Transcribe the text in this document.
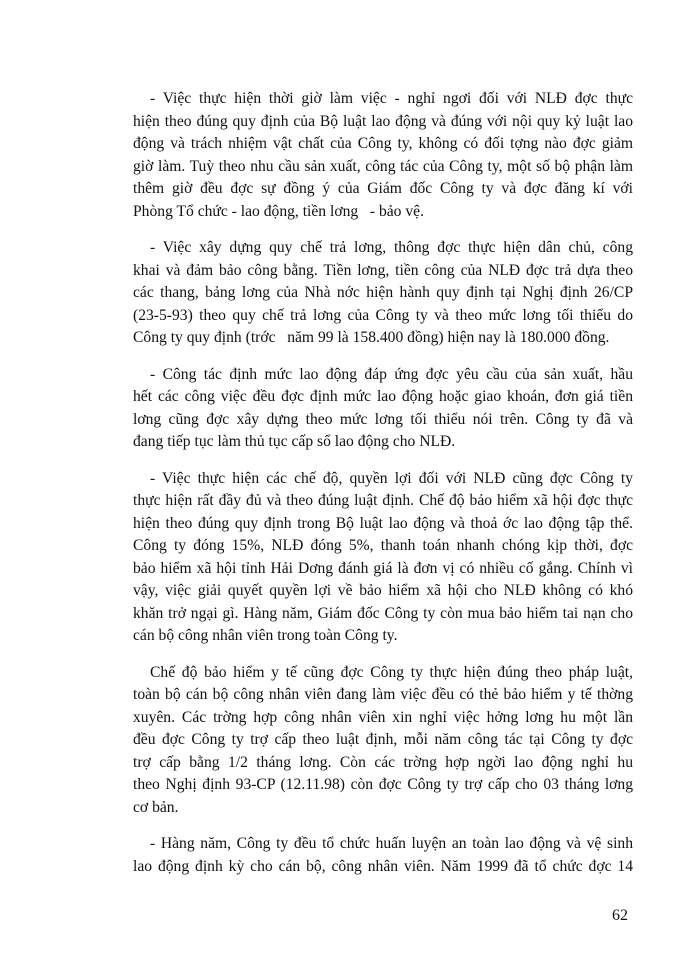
- Việc thực hiện thời giờ làm việc - nghỉ ngơi đối với NLĐ đợc thực
hiện theo đúng quy định của Bộ luật lao động và đúng với nội quy kỷ luật lao
động và trách nhiệm vật chất của Công ty, không có đối tợng nào đợc giảm
giờ làm. Tuỳ theo nhu cầu sản xuất, công tác của Công ty, một số bộ phận làm
thêm giờ đều đợc sự đồng ý của Giám đốc Công ty và đợc đăng kí với
Phòng Tổ chức - lao động, tiền lơng   - bảo vệ.
- Việc xây dựng quy chế trả lơng, thông đợc thực hiện dân chủ, công
khai và đảm bảo công bằng. Tiền lơng, tiền công của NLĐ đợc trả dựa theo
các thang, bảng lơng của Nhà nớc hiện hành quy định tại Nghị định 26/CP
(23-5-93) theo quy chế trả lơng của Công ty và theo mức lơng tối thiểu do
Công ty quy định (trớc   năm 99 là 158.400 đồng) hiện nay là 180.000 đồng.
- Công tác định mức lao động đáp ứng đợc yêu cầu của sản xuất, hầu
hết các công việc đều đợc định mức lao động hoặc giao khoán, đơn giá tiền
lơng cũng đợc xây dựng theo mức lơng tối thiểu nói trên. Công ty đã và
đang tiếp tục làm thủ tục cấp sổ lao động cho NLĐ.
- Việc thực hiện các chế độ, quyền lợi đối với NLĐ cũng đợc Công ty
thực hiện rất đầy đủ và theo đúng luật định. Chế độ bảo hiểm xã hội đợc thực
hiện theo đúng quy định trong Bộ luật lao động và thoả ớc lao động tập thể.
Công ty đóng 15%, NLĐ đóng 5%, thanh toán nhanh chóng kịp thời, đợc
bảo hiểm xã hội tỉnh Hải Dơng đánh giá là đơn vị có nhiều cố gắng. Chính vì
vậy, việc giải quyết quyền lợi về bảo hiểm xã hội cho NLĐ không có khó
khăn trở ngại gì. Hàng năm, Giám đốc Công ty còn mua bảo hiểm tai nạn cho
cán bộ công nhân viên trong toàn Công ty.
Chế độ bảo hiểm y tế cũng đợc Công ty thực hiện đúng theo pháp luật,
toàn bộ cán bộ công nhân viên đang làm việc đều có thẻ bảo hiểm y tế thờng
xuyên. Các trờng hợp công nhân viên xin nghỉ việc hởng lơng hu một lần
đều đợc Công ty trợ cấp theo luật định, mỗi năm công tác tại Công ty đợc
trợ cấp bằng 1/2 tháng lơng. Còn các trờng hợp ngời lao động nghỉ hu
theo Nghị định 93-CP (12.11.98) còn đợc Công ty trợ cấp cho 03 tháng lơng
cơ bản.
- Hàng năm, Công ty đều tổ chức huấn luyện an toàn lao động và vệ sinh
lao động định kỳ cho cán bộ, công nhân viên. Năm 1999 đã tổ chức đợc 14
62
